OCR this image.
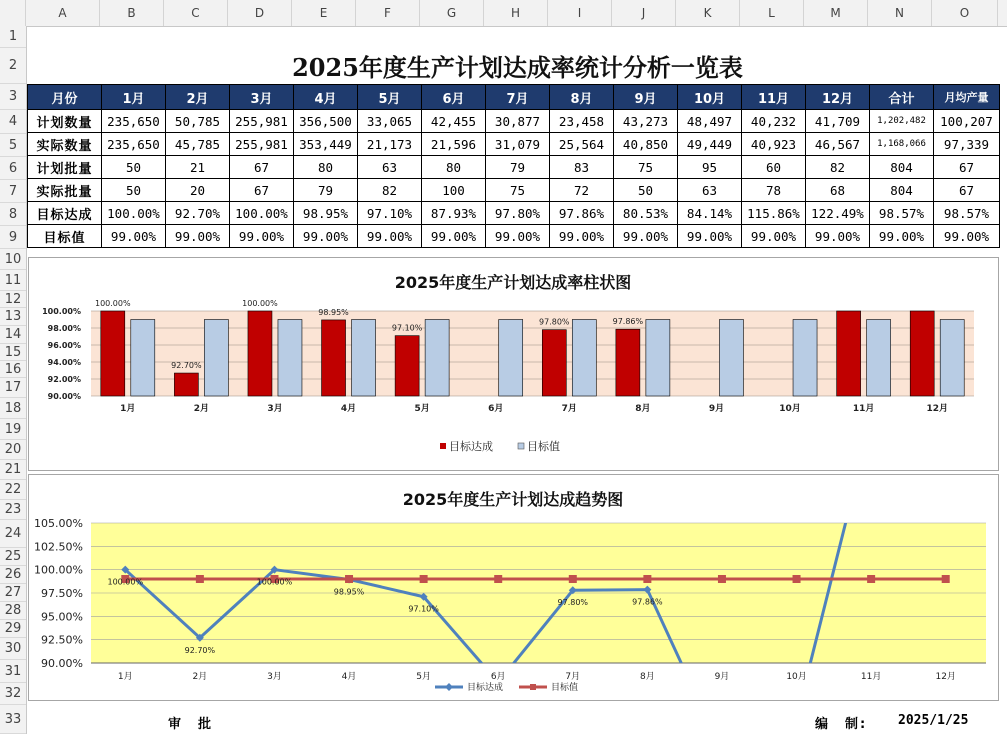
A	B	C	D	E	F	G	H	I	J	K	L	M	N	O
1
2
3
4
5
6
7
8
9
10
11
12
13
14
15
16
17
18
19
20
21
22
23
24
25
26
27
28
29
30
31
32
33
2025年度生产计划达成率统计分析一览表
月份	1月	2月	3月	4月	5月	6月	7月	8月	9月	10月	11月	12月	合计	月均产量
计划数量	235,650	50,785	255,981	356,500	33,065	42,455	30,877	23,458	43,273	48,497	40,232	41,709	1,202,482	100,207
实际数量	235,650	45,785	255,981	353,449	21,173	21,596	31,079	25,564	40,850	49,449	40,923	46,567	1,168,066	97,339
计划批量	50	21	67	80	63	80	79	83	75	95	60	82	804	67
实际批量	50	20	67	79	82	100	75	72	50	63	78	68	804	67
目标达成	100.00%	92.70%	100.00%	98.95%	97.10%	87.93%	97.80%	97.86%	80.53%	84.14%	115.86%	122.49%	98.57%	98.57%
目标值	99.00%	99.00%	99.00%	99.00%	99.00%	99.00%	99.00%	99.00%	99.00%	99.00%	99.00%	99.00%	99.00%	99.00%
2025年度生产计划达成率柱状图
100.00%
98.00%
96.00%
94.00%
92.00%
90.00%
100.00%
1月
92.70%
2月
100.00%
3月
98.95%
4月
97.10%
5月	6月
97.80%
7月
97.86%
8月	9月	10月	11月	12月
目标达成	目标值
2025年度生产计划达成趋势图
105.00%
102.50%
100.00%
97.50%
95.00%
92.50%
90.00%
100.00%
1月
92.70%
2月
100.00%
3月
98.95%
4月
97.10%
5月	6月
97.80%
7月
97.86%
8月	9月	10月	11月	12月
目标达成	目标值
审　批	编　制: 2025/1/25
